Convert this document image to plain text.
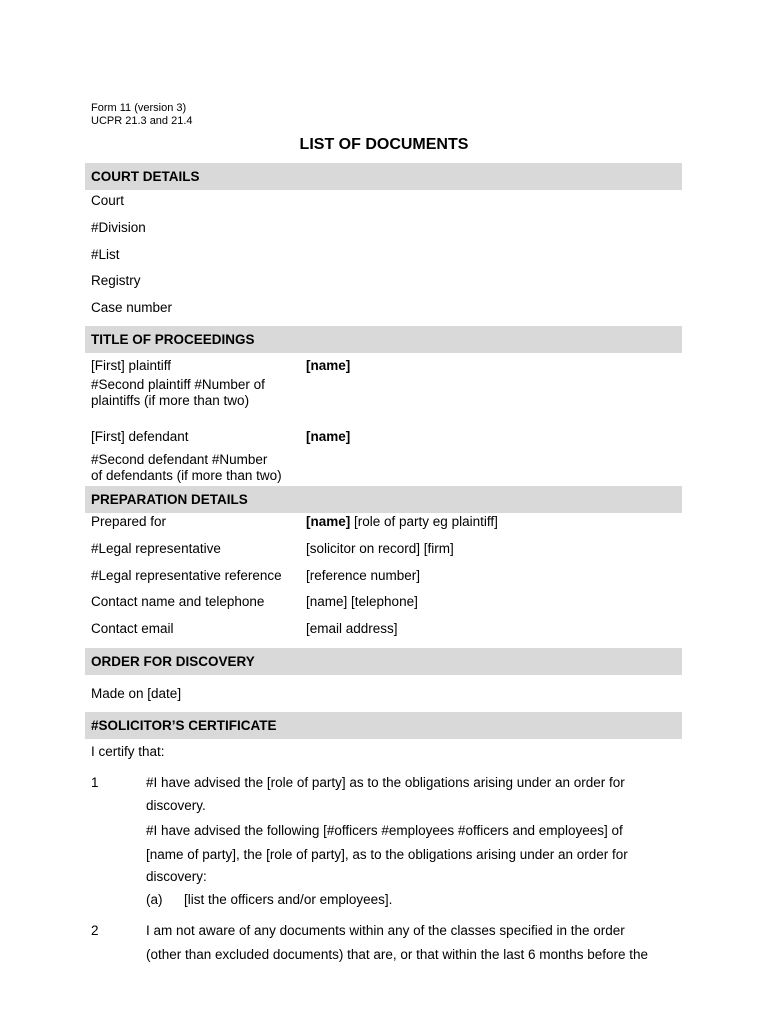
Form 11 (version 3)
UCPR 21.3 and 21.4
LIST OF DOCUMENTS
COURT DETAILS
Court
#Division
#List
Registry
Case number
TITLE OF PROCEEDINGS
[First] plaintiff	[name]
#Second plaintiff #Number of
plaintiffs (if more than two)
[First] defendant	[name]
#Second defendant #Number
of defendants (if more than two)
PREPARATION DETAILS
Prepared for	[name] [role of party eg plaintiff]
#Legal representative	[solicitor on record] [firm]
#Legal representative reference [reference number]
Contact name and telephone	[name] [telephone]
Contact email	[email address]
ORDER FOR DISCOVERY
Made on [date]
#SOLICITOR’S CERTIFICATE
I certify that:
1	#I have advised the [role of party] as to the obligations arising under an order for
discovery.
#I have advised the following [#officers #employees #officers and employees] of
[name of party], the [role of party], as to the obligations arising under an order for
discovery:
(a) [list the officers and/or employees].
2	I am not aware of any documents within any of the classes specified in the order
(other than excluded documents) that are, or that within the last 6 months before the
